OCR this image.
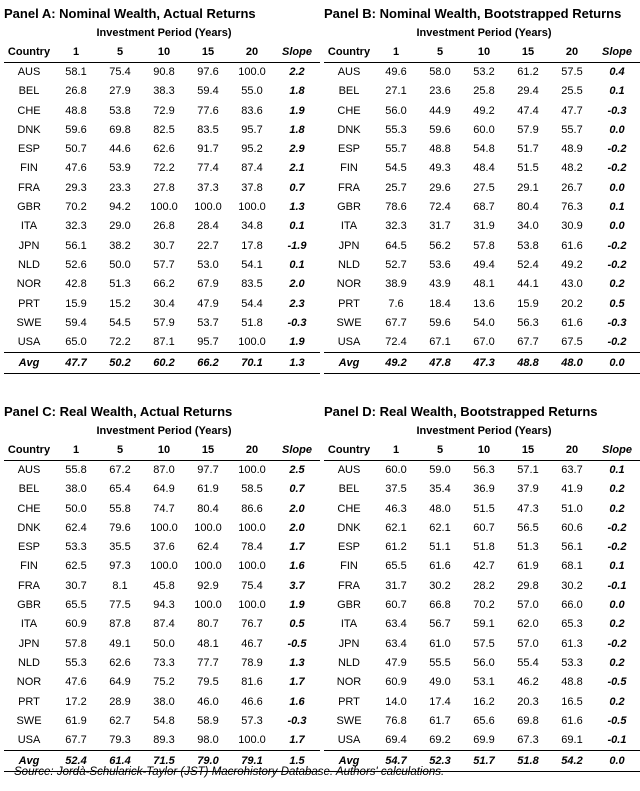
Panel A: Nominal Wealth, Actual Returns
	Investment Period (Years)					
Country	1	5	10	15	20	Slope
AUS	58.1	75.4	90.8	97.6	100.0	2.2
BEL	26.8	27.9	38.3	59.4	55.0	1.8
CHE	48.8	53.8	72.9	77.6	83.6	1.9
DNK	59.6	69.8	82.5	83.5	95.7	1.8
ESP	50.7	44.6	62.6	91.7	95.2	2.9
FIN	47.6	53.9	72.2	77.4	87.4	2.1
FRA	29.3	23.3	27.8	37.3	37.8	0.7
GBR	70.2	94.2	100.0	100.0	100.0	1.3
ITA	32.3	29.0	26.8	28.4	34.8	0.1
JPN	56.1	38.2	30.7	22.7	17.8	-1.9
NLD	52.6	50.0	57.7	53.0	54.1	0.1
NOR	42.8	51.3	66.2	67.9	83.5	2.0
PRT	15.9	15.2	30.4	47.9	54.4	2.3
SWE	59.4	54.5	57.9	53.7	51.8	-0.3
USA	65.0	72.2	87.1	95.7	100.0	1.9
Avg	47.7	50.2	60.2	66.2	70.1	1.3
Panel B: Nominal Wealth, Bootstrapped Returns
	Investment Period (Years)					
Country	1	5	10	15	20	Slope
AUS	49.6	58.0	53.2	61.2	57.5	0.4
BEL	27.1	23.6	25.8	29.4	25.5	0.1
CHE	56.0	44.9	49.2	47.4	47.7	-0.3
DNK	55.3	59.6	60.0	57.9	55.7	0.0
ESP	55.7	48.8	54.8	51.7	48.9	-0.2
FIN	54.5	49.3	48.4	51.5	48.2	-0.2
FRA	25.7	29.6	27.5	29.1	26.7	0.0
GBR	78.6	72.4	68.7	80.4	76.3	0.1
ITA	32.3	31.7	31.9	34.0	30.9	0.0
JPN	64.5	56.2	57.8	53.8	61.6	-0.2
NLD	52.7	53.6	49.4	52.4	49.2	-0.2
NOR	38.9	43.9	48.1	44.1	43.0	0.2
PRT	7.6	18.4	13.6	15.9	20.2	0.5
SWE	67.7	59.6	54.0	56.3	61.6	-0.3
USA	72.4	67.1	67.0	67.7	67.5	-0.2
Avg	49.2	47.8	47.3	48.8	48.0	0.0
Panel C: Real Wealth, Actual Returns
	Investment Period (Years)					
Country	1	5	10	15	20	Slope
AUS	55.8	67.2	87.0	97.7	100.0	2.5
BEL	38.0	65.4	64.9	61.9	58.5	0.7
CHE	50.0	55.8	74.7	80.4	86.6	2.0
DNK	62.4	79.6	100.0	100.0	100.0	2.0
ESP	53.3	35.5	37.6	62.4	78.4	1.7
FIN	62.5	97.3	100.0	100.0	100.0	1.6
FRA	30.7	8.1	45.8	92.9	75.4	3.7
GBR	65.5	77.5	94.3	100.0	100.0	1.9
ITA	60.9	87.8	87.4	80.7	76.7	0.5
JPN	57.8	49.1	50.0	48.1	46.7	-0.5
NLD	55.3	62.6	73.3	77.7	78.9	1.3
NOR	47.6	64.9	75.2	79.5	81.6	1.7
PRT	17.2	28.9	38.0	46.0	46.6	1.6
SWE	61.9	62.7	54.8	58.9	57.3	-0.3
USA	67.7	79.3	89.3	98.0	100.0	1.7
Avg	52.4	61.4	71.5	79.0	79.1	1.5
Panel D: Real Wealth, Bootstrapped Returns
	Investment Period (Years)					
Country	1	5	10	15	20	Slope
AUS	60.0	59.0	56.3	57.1	63.7	0.1
BEL	37.5	35.4	36.9	37.9	41.9	0.2
CHE	46.3	48.0	51.5	47.3	51.0	0.2
DNK	62.1	62.1	60.7	56.5	60.6	-0.2
ESP	61.2	51.1	51.8	51.3	56.1	-0.2
FIN	65.5	61.6	42.7	61.9	68.1	0.1
FRA	31.7	30.2	28.2	29.8	30.2	-0.1
GBR	60.7	66.8	70.2	57.0	66.0	0.0
ITA	63.4	56.7	59.1	62.0	65.3	0.2
JPN	63.4	61.0	57.5	57.0	61.3	-0.2
NLD	47.9	55.5	56.0	55.4	53.3	0.2
NOR	60.9	49.0	53.1	46.2	48.8	-0.5
PRT	14.0	17.4	16.2	20.3	16.5	0.2
SWE	76.8	61.7	65.6	69.8	61.6	-0.5
USA	69.4	69.2	69.9	67.3	69.1	-0.1
Avg	54.7	52.3	51.7	51.8	54.2	0.0
Source: Jordà-Schularick-Taylor (JST) Macrohistory Database. Authors' calculations.
